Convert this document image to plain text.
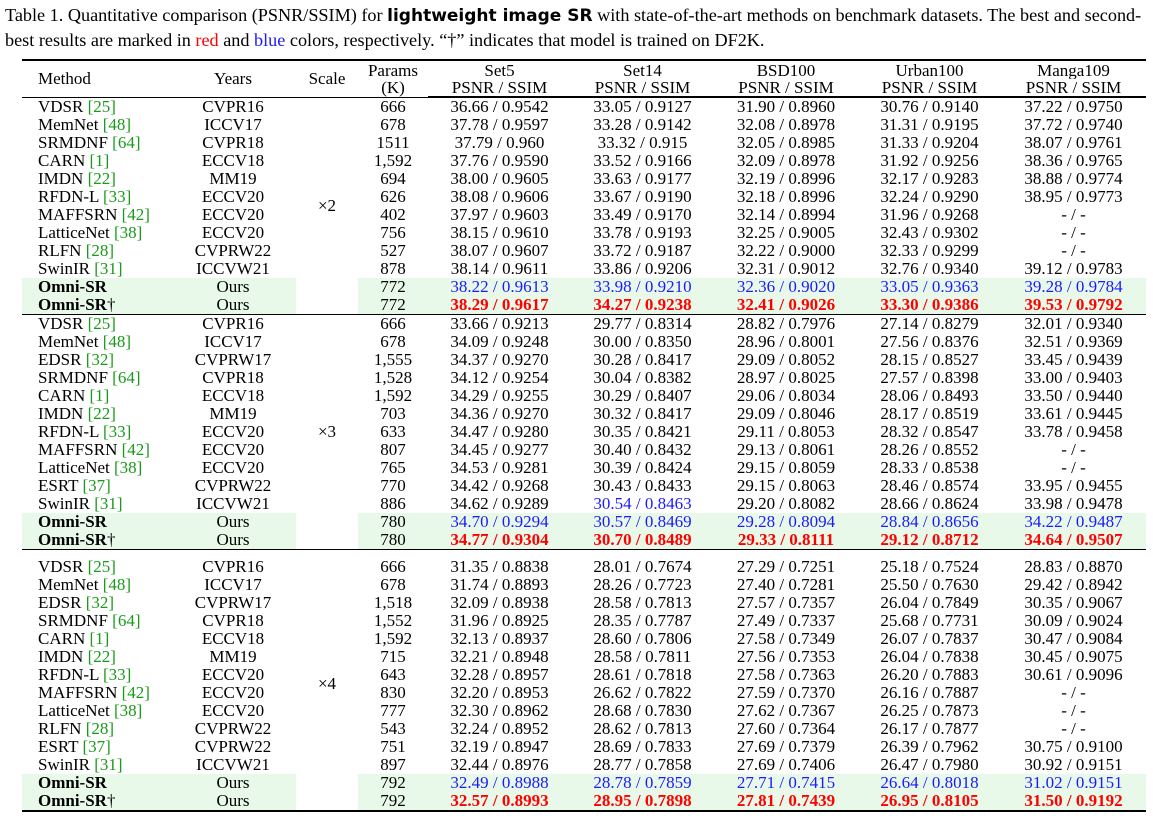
Table 1. Quantitative comparison (PSNR/SSIM) for lightweight image SR with state-of-the-art methods on benchmark datasets. The best and second-best results are marked in red and blue colors, respectively. “†” indicates that model is trained on DF2K.

Method	Years	Scale	Params	Set5	Set14	BSD100	Urban100	Manga109
			(K)	PSNR / SSIM	PSNR / SSIM	PSNR / SSIM	PSNR / SSIM	PSNR / SSIM
VDSR [25]	CVPR16	×2	666	36.66 / 0.9542	33.05 / 0.9127	31.90 / 0.8960	30.76 / 0.9140	37.22 / 0.9750
MemNet [48]	ICCV17		678	37.78 / 0.9597	33.28 / 0.9142	32.08 / 0.8978	31.31 / 0.9195	37.72 / 0.9740
SRMDNF [64]	CVPR18		1511	37.79 / 0.960	33.32 / 0.915	32.05 / 0.8985	31.33 / 0.9204	38.07 / 0.9761
CARN [1]	ECCV18		1,592	37.76 / 0.9590	33.52 / 0.9166	32.09 / 0.8978	31.92 / 0.9256	38.36 / 0.9765
IMDN [22]	MM19		694	38.00 / 0.9605	33.63 / 0.9177	32.19 / 0.8996	32.17 / 0.9283	38.88 / 0.9774
RFDN-L [33]	ECCV20		626	38.08 / 0.9606	33.67 / 0.9190	32.18 / 0.8996	32.24 / 0.9290	38.95 / 0.9773
MAFFSRN [42]	ECCV20		402	37.97 / 0.9603	33.49 / 0.9170	32.14 / 0.8994	31.96 / 0.9268	- / -
LatticeNet [38]	ECCV20		756	38.15 / 0.9610	33.78 / 0.9193	32.25 / 0.9005	32.43 / 0.9302	- / -
RLFN [28]	CVPRW22		527	38.07 / 0.9607	33.72 / 0.9187	32.22 / 0.9000	32.33 / 0.9299	- / -
SwinIR [31]	ICCVW21		878	38.14 / 0.9611	33.86 / 0.9206	32.31 / 0.9012	32.76 / 0.9340	39.12 / 0.9783
Omni-SR	Ours		772	38.22 / 0.9613	33.98 / 0.9210	32.36 / 0.9020	33.05 / 0.9363	39.28 / 0.9784
Omni-SR†	Ours		772	38.29 / 0.9617	34.27 / 0.9238	32.41 / 0.9026	33.30 / 0.9386	39.53 / 0.9792
VDSR [25]	CVPR16	×3	666	33.66 / 0.9213	29.77 / 0.8314	28.82 / 0.7976	27.14 / 0.8279	32.01 / 0.9340
MemNet [48]	ICCV17		678	34.09 / 0.9248	30.00 / 0.8350	28.96 / 0.8001	27.56 / 0.8376	32.51 / 0.9369
EDSR [32]	CVPRW17		1,555	34.37 / 0.9270	30.28 / 0.8417	29.09 / 0.8052	28.15 / 0.8527	33.45 / 0.9439
SRMDNF [64]	CVPR18		1,528	34.12 / 0.9254	30.04 / 0.8382	28.97 / 0.8025	27.57 / 0.8398	33.00 / 0.9403
CARN [1]	ECCV18		1,592	34.29 / 0.9255	30.29 / 0.8407	29.06 / 0.8034	28.06 / 0.8493	33.50 / 0.9440
IMDN [22]	MM19		703	34.36 / 0.9270	30.32 / 0.8417	29.09 / 0.8046	28.17 / 0.8519	33.61 / 0.9445
RFDN-L [33]	ECCV20		633	34.47 / 0.9280	30.35 / 0.8421	29.11 / 0.8053	28.32 / 0.8547	33.78 / 0.9458
MAFFSRN [42]	ECCV20		807	34.45 / 0.9277	30.40 / 0.8432	29.13 / 0.8061	28.26 / 0.8552	- / -
LatticeNet [38]	ECCV20		765	34.53 / 0.9281	30.39 / 0.8424	29.15 / 0.8059	28.33 / 0.8538	- / -
ESRT [37]	CVPRW22		770	34.42 / 0.9268	30.43 / 0.8433	29.15 / 0.8063	28.46 / 0.8574	33.95 / 0.9455
SwinIR [31]	ICCVW21		886	34.62 / 0.9289	30.54 / 0.8463	29.20 / 0.8082	28.66 / 0.8624	33.98 / 0.9478
Omni-SR	Ours		780	34.70 / 0.9294	30.57 / 0.8469	29.28 / 0.8094	28.84 / 0.8656	34.22 / 0.9487
Omni-SR†	Ours		780	34.77 / 0.9304	30.70 / 0.8489	29.33 / 0.8111	29.12 / 0.8712	34.64 / 0.9507
VDSR [25]	CVPR16	×4	666	31.35 / 0.8838	28.01 / 0.7674	27.29 / 0.7251	25.18 / 0.7524	28.83 / 0.8870
MemNet [48]	ICCV17		678	31.74 / 0.8893	28.26 / 0.7723	27.40 / 0.7281	25.50 / 0.7630	29.42 / 0.8942
EDSR [32]	CVPRW17		1,518	32.09 / 0.8938	28.58 / 0.7813	27.57 / 0.7357	26.04 / 0.7849	30.35 / 0.9067
SRMDNF [64]	CVPR18		1,552	31.96 / 0.8925	28.35 / 0.7787	27.49 / 0.7337	25.68 / 0.7731	30.09 / 0.9024
CARN [1]	ECCV18		1,592	32.13 / 0.8937	28.60 / 0.7806	27.58 / 0.7349	26.07 / 0.7837	30.47 / 0.9084
IMDN [22]	MM19		715	32.21 / 0.8948	28.58 / 0.7811	27.56 / 0.7353	26.04 / 0.7838	30.45 / 0.9075
RFDN-L [33]	ECCV20		643	32.28 / 0.8957	28.61 / 0.7818	27.58 / 0.7363	26.20 / 0.7883	30.61 / 0.9096
MAFFSRN [42]	ECCV20		830	32.20 / 0.8953	26.62 / 0.7822	27.59 / 0.7370	26.16 / 0.7887	- / -
LatticeNet [38]	ECCV20		777	32.30 / 0.8962	28.68 / 0.7830	27.62 / 0.7367	26.25 / 0.7873	- / -
RLFN [28]	CVPRW22		543	32.24 / 0.8952	28.62 / 0.7813	27.60 / 0.7364	26.17 / 0.7877	- / -
ESRT [37]	CVPRW22		751	32.19 / 0.8947	28.69 / 0.7833	27.69 / 0.7379	26.39 / 0.7962	30.75 / 0.9100
SwinIR [31]	ICCVW21		897	32.44 / 0.8976	28.77 / 0.7858	27.69 / 0.7406	26.47 / 0.7980	30.92 / 0.9151
Omni-SR	Ours		792	32.49 / 0.8988	28.78 / 0.7859	27.71 / 0.7415	26.64 / 0.8018	31.02 / 0.9151
Omni-SR†	Ours		792	32.57 / 0.8993	28.95 / 0.7898	27.81 / 0.7439	26.95 / 0.8105	31.50 / 0.9192
